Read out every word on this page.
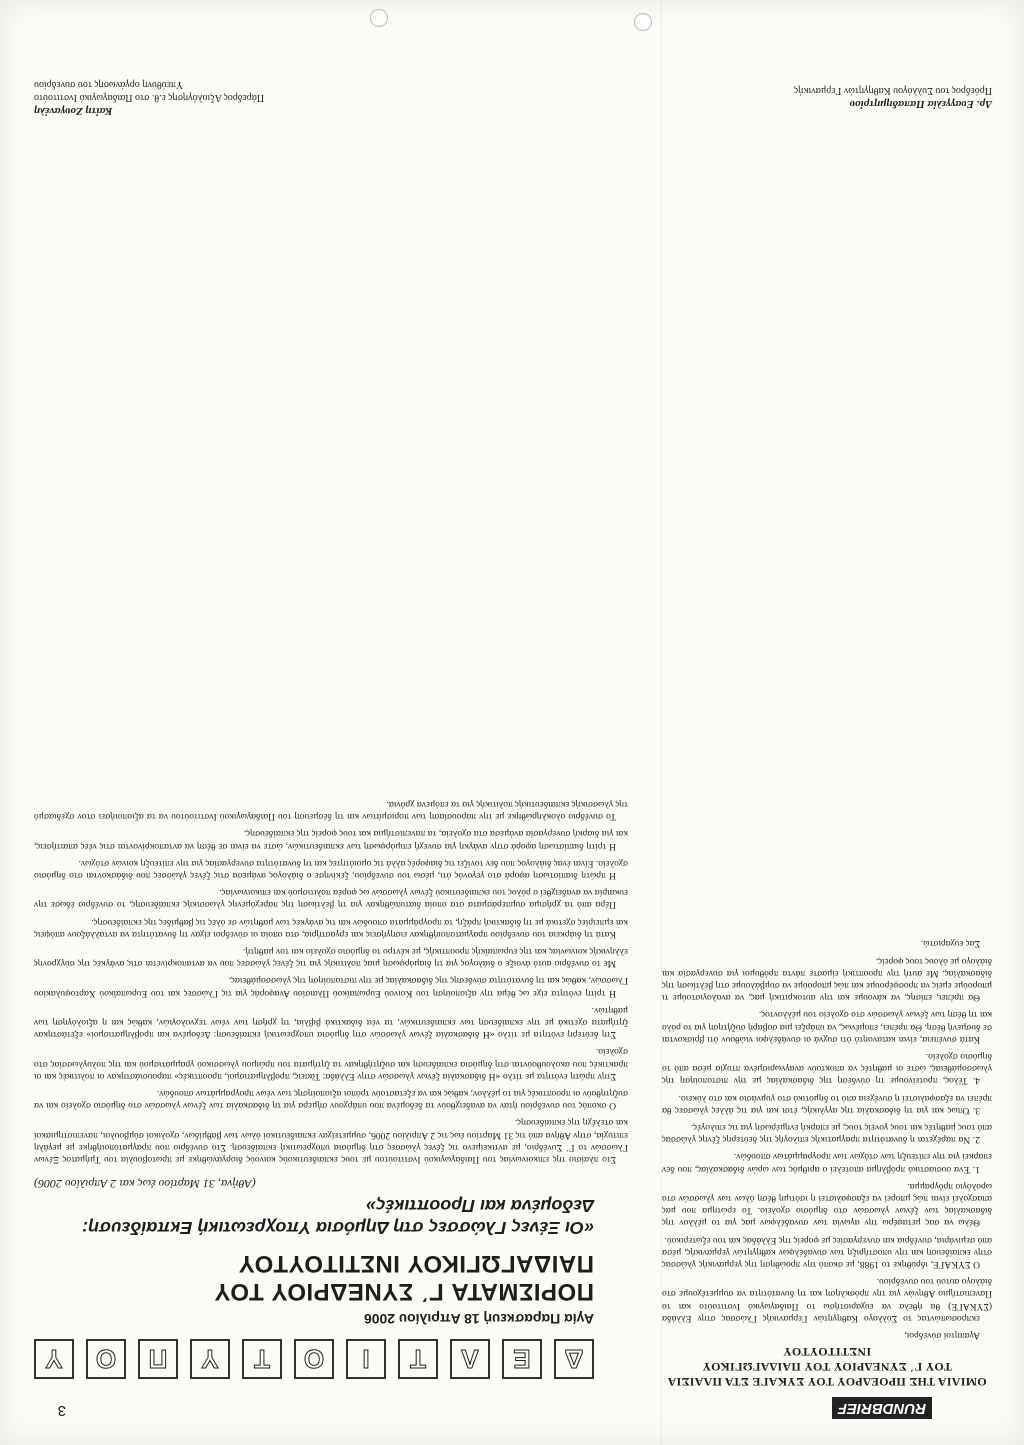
RUNDBRIEF
3
Δ
Ε
Λ
Τ
Ι
Ο
Τ
Υ
Π
Ο
Υ
Αγία Παρασκευή 18 Απριλίου 2006
ΠΟΡΙΣΜΑΤΑ Γ΄ ΣΥΝΕΔΡΙΟΥ ΤΟΥ ΠΑΙΔΑΓΩΓΙΚΟΥ ΙΝΣΤΙΤΟΥΤΟΥ
«Οι Ξένες Γλώσσες στη Δημόσια Υποχρεωτική Εκπαίδευση: Δεδομένα και Προοπτικές»
(Αθήνα, 31 Μαρτίου έως και 2 Απριλίου 2006)

Στο πλαίσιο της επικοινωνίας του Παιδαγωγικού Ινστιτούτου με τους εκπαιδευτικούς κοινούς διοργανώθηκε με πρωτοβουλία του Τμήματος Ξένων Γλωσσών το Γ΄ Συνέδριο, με αντικείμενο τις ξένες γλώσσες στη δημόσια υποχρεωτική εκπαίδευση. Στο συνέδριο που πραγματοποιήθηκε με μεγάλη επιτυχία, στην Αθήνα από τις 31 Μαρτίου έως τις 2 Απριλίου 2006, συμμετείχαν εκπαιδευτικοί όλων των βαθμίδων, σχολικοί σύμβουλοι, πανεπιστημιακοί και στελέχη της εκπαίδευσης.

Ο σκοπός του συνεδρίου ήταν να αναδειχθούν τα δεδομένα που υπάρχουν σήμερα για τη διδασκαλία των ξένων γλωσσών στο δημόσιο σχολείο και να συζητηθούν οι προοπτικές για το μέλλον, καθώς και να εξεταστούν τρόποι αξιοποίησης των νέων προγραμμάτων σπουδών.

Στην πρώτη ενότητα με τίτλο «Η διδασκαλία ξένων γλωσσών στην Ελλάδα: Τάσεις, προβληματισμοί, προοπτικές» παρουσιάστηκαν οι πολιτικές και οι πρακτικές που ακολουθούνται στη δημόσια εκπαίδευση και συζητήθηκαν τα ζητήματα του πρώιμου γλωσσικού γραμματισμού και της πολυγλωσσίας στο σχολείο.

Στη δεύτερη ενότητα με τίτλο «Η διδασκαλία ξένων γλωσσών στη δημόσια υποχρεωτική εκπαίδευση: Δεδομένα και προβληματισμοί» εξετάστηκαν ζητήματα σχετικά με την εκπαίδευση των εκπαιδευτικών, τα νέα διδακτικά βιβλία, τη χρήση των νέων τεχνολογιών, καθώς και η αξιολόγηση των μαθητών.

Η τρίτη ενότητα είχε ως θέμα την αξιοποίηση του Κοινού Ευρωπαϊκού Πλαισίου Αναφοράς για τις Γλώσσες και του Ευρωπαϊκού Χαρτοφυλακίου Γλωσσών, καθώς και τη δυνατότητα σύνδεσης της διδασκαλίας με την πιστοποίηση της γλωσσομάθειας.

Με το συνέδριο αυτό άνοιξε ο διάλογος για τη διαμόρφωση μιας πολιτικής για τις ξένες γλώσσες που να ανταποκρίνεται στις ανάγκες της σύγχρονης ελληνικής κοινωνίας και της ευρωπαϊκής προοπτικής, με κέντρο το δημόσιο σχολείο και τον μαθητή.

Κατά τη διάρκεια του συνεδρίου πραγματοποιήθηκαν εισηγήσεις και εργαστήρια, στα οποία οι σύνεδροι είχαν τη δυνατότητα να ανταλλάξουν απόψεις και εμπειρίες σχετικά με τη διδακτική πράξη, τα προγράμματα σπουδών και τις ανάγκες των μαθητών σε όλες τις βαθμίδες της εκπαίδευσης.

Πέρα από τα χρήσιμα συμπεράσματα στα οποία διατυπώθηκαν για τη βελτίωση της παρεχόμενης γλωσσικής εκπαίδευσης, το συνέδριο έδωσε την ευκαιρία να αναδειχθεί ο ρόλος του εκπαιδευτικού ξένων γλωσσών ως φορέα πολιτισμού και επικοινωνίας.

Η πρώτη διαπίστωση αφορά στο γεγονός ότι, μέσω του συνεδρίου, ξεκίνησε ο διάλογος ανάμεσα στις ξένες γλώσσες που διδάσκονται στο δημόσιο σχολείο. Είναι ένας διάλογος που δεν τονίζει τις διαφορές αλλά τις ομοιότητες και τη δυνατότητα συνεργασίας για την επίτευξη κοινών στόχων.

Η τρίτη διαπίστωση αφορά στην ανάγκη για συνεχή επιμόρφωση των εκπαιδευτικών, ώστε να είναι σε θέση να ανταποκρίνονται στις νέες απαιτήσεις, και για διαρκή συνεργασία ανάμεσα στα σχολεία, τα πανεπιστήμια και τους φορείς της εκπαίδευσης.

Το συνέδριο ολοκληρώθηκε με την παρουσίαση των πορισμάτων και τη δέσμευση του Παιδαγωγικού Ινστιτούτου να τα αξιοποιήσει στον σχεδιασμό της γλωσσικής εκπαιδευτικής πολιτικής για τα επόμενα χρόνια.

Καίτη Ζουγανέλη
Πάρεδρος Αξιολόγησης ε.θ. στο Παιδαγωγικό Ινστιτούτο
Υπεύθυνη οργάνωσης του συνεδρίου
ΟΜΙΛΙΑ ΤΗΣ ΠΡΟΕΔΡΟΥ ΤΟΥ ΣΥΚΑΓΕ ΣΤΑ ΠΛΑΙΣΙΑ ΤΟΥ Γ΄ ΣΥΝΕΔΡΙΟΥ ΤΟΥ ΠΑΙΔΑΓΩΓΙΚΟΥ ΙΝΣΤΙΤΟΥΤΟΥ

Αγαπητοί σύνεδροι,

εκπροσωπώντας το Σύλλογο Καθηγητών Γερμανικής Γλώσσας στην Ελλάδα (ΣΥΚΑΓΕ) θα ήθελα να ευχαριστήσω το Παιδαγωγικό Ινστιτούτο και το Πανεπιστήμιο Αθηνών για την πρόσκληση και τη δυνατότητα να συμμετέχουμε στο διάλογο αυτού του συνεδρίου.

Ο ΣΥΚΑΓΕ, ιδρύθηκε το 1988, με σκοπό την προώθηση της γερμανικής γλώσσας στην εκπαίδευση και την υποστήριξη των συναδέλφων καθηγητών γερμανικής, μέσα από σεμινάρια, συνέδρια και συνεργασίες με φορείς της Ελλάδας και του εξωτερικού.

Θέλω να σας μεταφέρω την αγωνία των συναδέλφων μας για το μέλλον της διδασκαλίας των ξένων γλωσσών στο δημόσιο σχολείο. Το ερώτημα που μας απασχολεί είναι πώς μπορεί να εξασφαλιστεί η ισότιμη θέση όλων των γλωσσών στο ωρολόγιο πρόγραμμα.

1. Ένα ουσιαστικό πρόβλημα αποτελεί ο αριθμός των ωρών διδασκαλίας, που δεν επαρκεί για την επίτευξη των στόχων των προγραμμάτων σπουδών.

2. Να παρέχεται η δυνατότητα πραγματικής επιλογής της δεύτερης ξένης γλώσσας από τους μαθητές και τους γονείς τους, με επαρκή ενημέρωση για τις επιλογές.

3. Όπως και για τη διδασκαλία της αγγλικής, έτσι και για τις άλλες γλώσσες θα πρέπει να εξασφαλιστεί η συνέχεια από το δημοτικό στο γυμνάσιο και στο λύκειο.

4. Τέλος, προτείνουμε τη σύνδεση της διδασκαλίας με την πιστοποίηση της γλωσσομάθειας, ώστε οι μαθητές να αποκτούν αναγνωρισμένα πτυχία μέσα από το δημόσιο σχολείο.

Κατά συνέπεια, είναι κατανοητό ότι συχνά οι συνάδελφοι νιώθουν ότι βρίσκονται σε δυσμενή θέση. Θα πρέπει, επομένως, να υπάρξει μια σοβαρή συζήτηση για το ρόλο και τη θέση των ξένων γλωσσών στο σχολείο του μέλλοντος.

Θα πρέπει, επίσης, να κάνουμε και την αυτοκριτική μας, να αναλογιστούμε τι μπορούμε εμείς να προσφέρουμε και πώς μπορούμε να συμβάλουμε στη βελτίωση της διδασκαλίας. Με αυτή την προοπτική είμαστε πάντα πρόθυμοι για συνεργασία και διάλογο με όλους τους φορείς.

Σας ευχαριστώ.

Δρ. Ευαγγελία Παπαδημητρίου
Πρόεδρος του Συλλόγου Καθηγητών Γερμανικής
